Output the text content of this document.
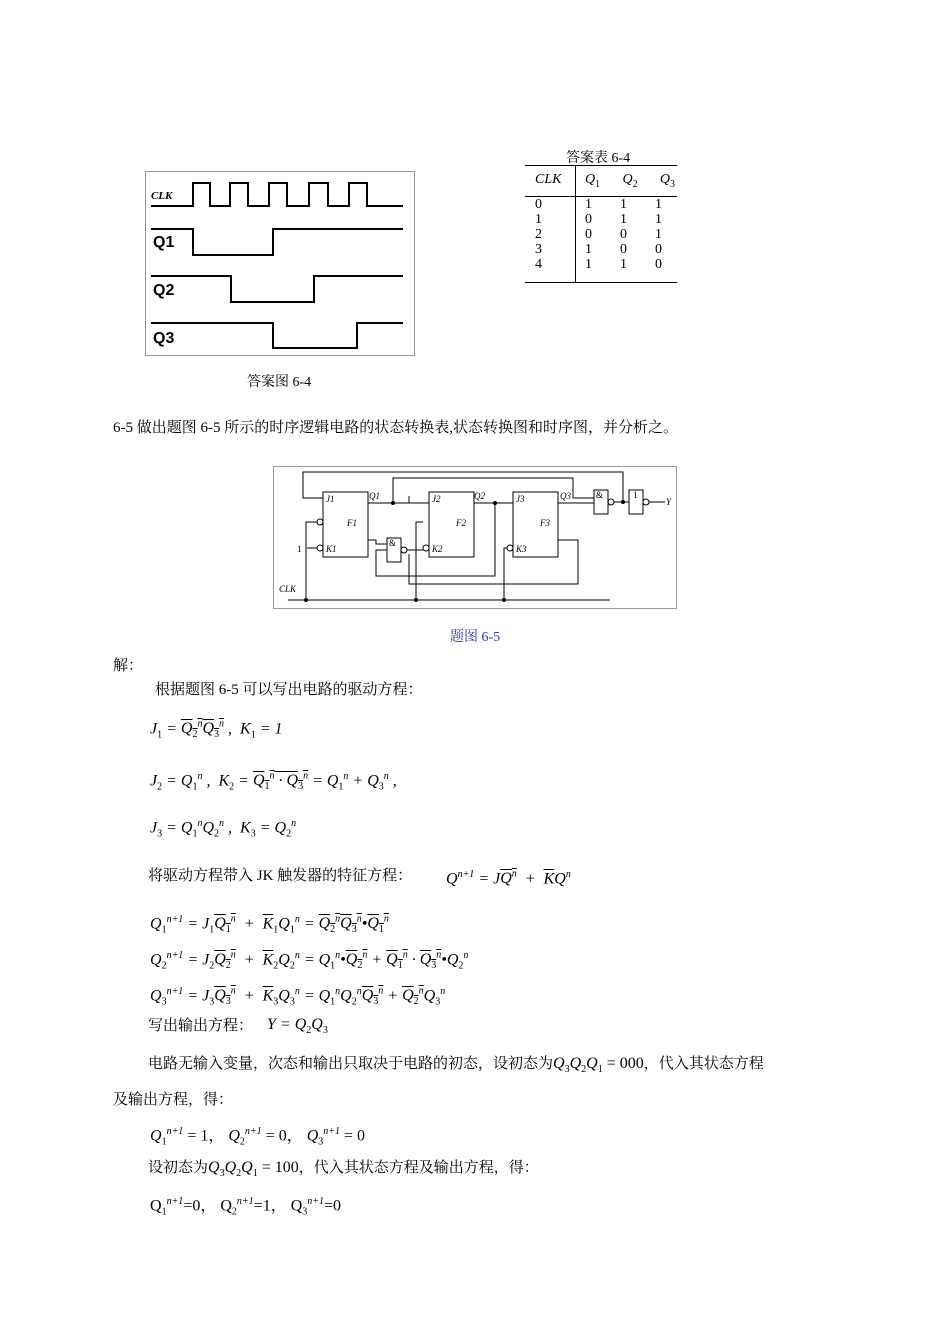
CLK
Q1
Q2
Q3
答案图 6-4
答案表 6-4
CLK $Q_1$ $Q_2$ $Q_3$
0	1 1 1
1	0 1 1
2	0 0 1
3	1 0 0
4	1 1 0
6-5 做出题图 6-5 所示的时序逻辑电路的状态转换表,状态转换图和时序图，并分析之。
CLK
1
J1
K1
F1
Q1	J2
K2
F2
Q2	J3
K3
F3
Q3
&
&	1
Y
题图 6-5
解：
根据题图 6-5 可以写出电路的驱动方程：
$J_1 = Q_2^nQ_3^n$ ,  $K_1 = 1$
$J_2 = Q_1^n$ ,  $K_2 = Q_1^n \cdot Q_3^n = Q_1^n + Q_3^n$ ,
$J_3 = Q_1^nQ_2^n$ ,  $K_3 = Q_2^n$
将驱动方程带入 JK 触发器的特征方程： $Q^{n+1} = JQ^n + \overline{K}Q^n$
$Q_1^{n+1} = J_1Q_1^n + \overline{K}_1Q_1^n$ = $Q_2^nQ_3^n•Q_1^n$
$Q_2^{n+1} = J_2Q_2^n + \overline{K}_2Q_2^n$ = $Q_1^n•Q_2^n + Q_1^n$ · $Q_3^n•Q_2^n$
$Q_3^{n+1} = J_3Q_3^n + \overline{K}_3Q_3^n = Q_1^nQ_2^nQ_3^n + Q_2^nQ_3^n$
写出输出方程： $Y = Q_2Q_3$
电路无输入变量，次态和输出只取决于电路的初态，设初态为$Q_3Q_2Q_1 = 000$，代入其状态方程
及输出方程，得：
$Q_1^{n+1} = 1$， $Q_2^{n+1} = 0$， $Q_3^{n+1} = 0$
设初态为$Q_3Q_2Q_1 = 100$，代入其状态方程及输出方程，得：
$Q_1^{n+1}=0$， $Q_2^{n+1}=1$， $Q_3^{n+1}=0$
